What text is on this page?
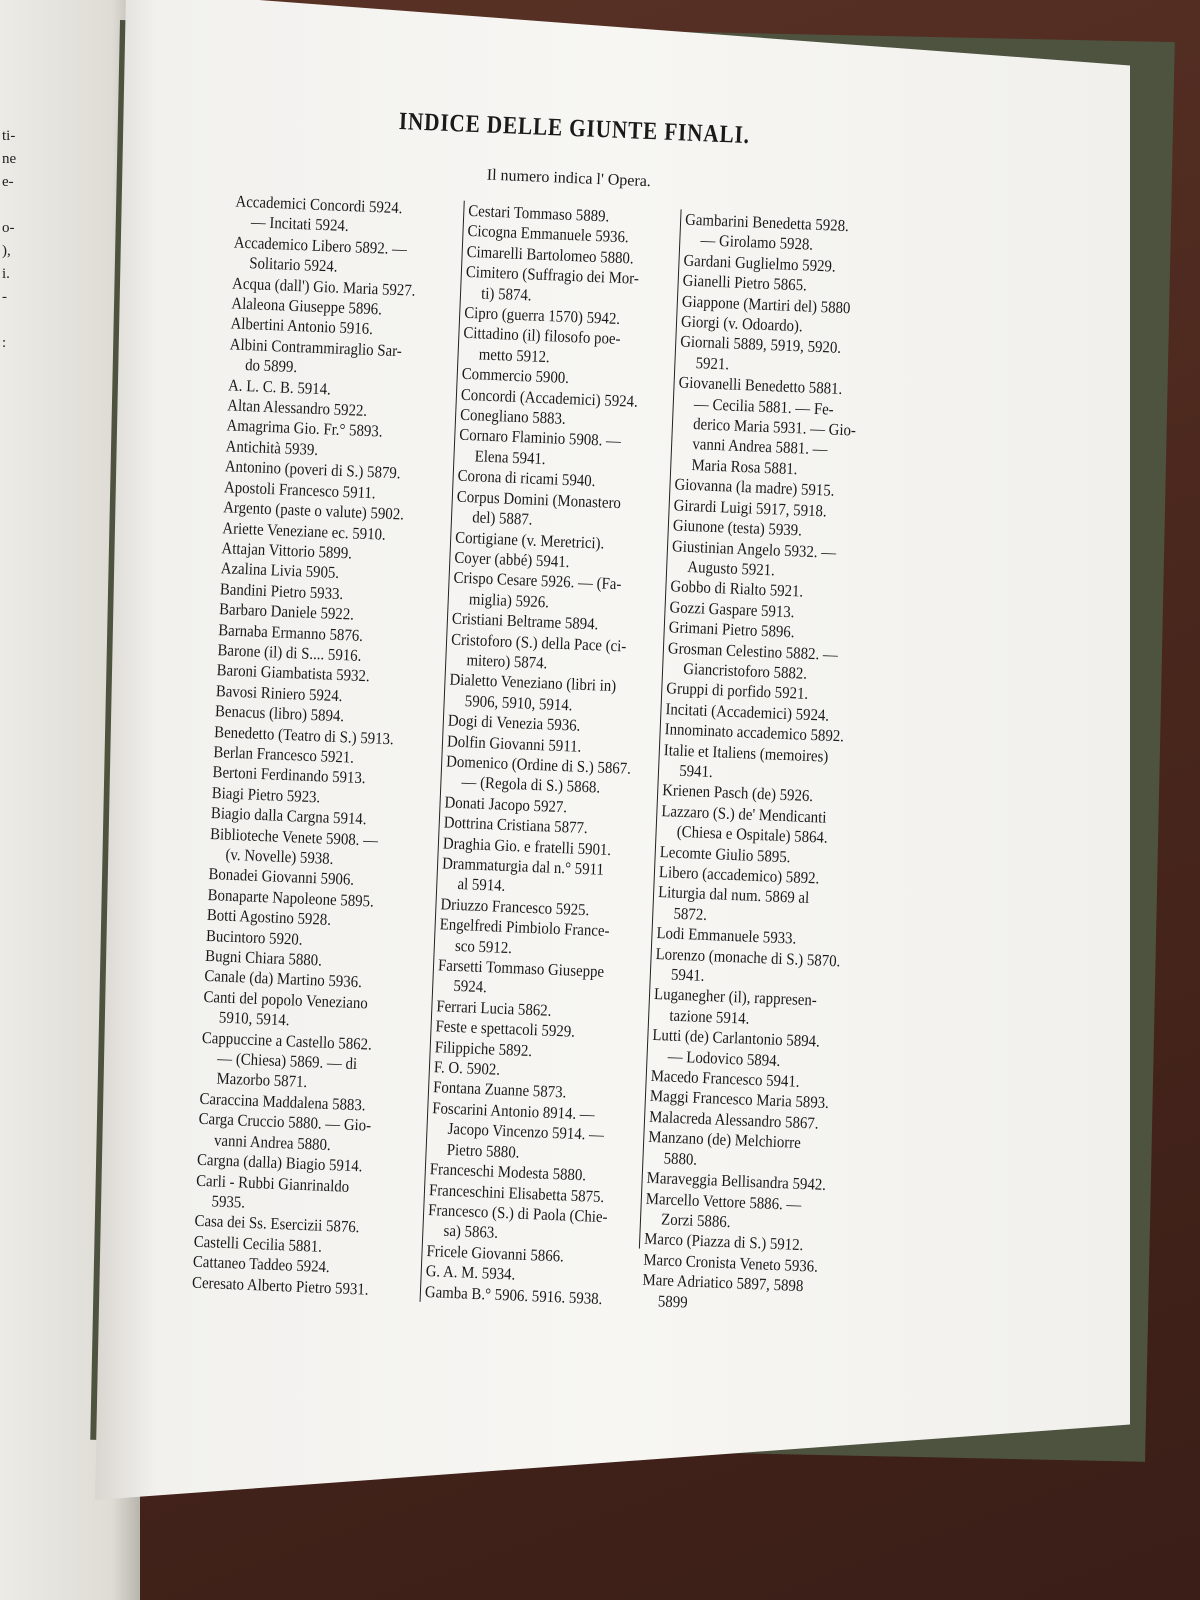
ti-
ne
e-

o-
),
i.
-

:
INDICE DELLE GIUNTE FINALI.
Il numero indica l' Opera.
Accademici Concordi 5924.
— Incitati 5924.
Accademico Libero 5892. —
Solitario 5924.
Acqua (dall') Gio. Maria 5927.
Alaleona Giuseppe 5896.
Albertini Antonio 5916.
Albini Contrammiraglio Sar-
do 5899.
A. L. C. B. 5914.
Altan Alessandro 5922.
Amagrima Gio. Fr.° 5893.
Antichità 5939.
Antonino (poveri di S.) 5879.
Apostoli Francesco 5911.
Argento (paste o valute) 5902.
Ariette Veneziane ec. 5910.
Attajan Vittorio 5899.
Azalina Livia 5905.
Bandini Pietro 5933.
Barbaro Daniele 5922.
Barnaba Ermanno 5876.
Barone (il) di S.... 5916.
Baroni Giambatista 5932.
Bavosi Riniero 5924.
Benacus (libro) 5894.
Benedetto (Teatro di S.) 5913.
Berlan Francesco 5921.
Bertoni Ferdinando 5913.
Biagi Pietro 5923.
Biagio dalla Cargna 5914.
Biblioteche Venete 5908. —
(v. Novelle) 5938.
Bonadei Giovanni 5906.
Bonaparte Napoleone 5895.
Botti Agostino 5928.
Bucintoro 5920.
Bugni Chiara 5880.
Canale (da) Martino 5936.
Canti del popolo Veneziano
5910, 5914.
Cappuccine a Castello 5862.
— (Chiesa) 5869. — di
Mazorbo 5871.
Caraccina Maddalena 5883.
Carga Cruccio 5880. — Gio-
vanni Andrea 5880.
Cargna (dalla) Biagio 5914.
Carli - Rubbi Gianrinaldo
5935.
Casa dei Ss. Esercizii 5876.
Castelli Cecilia 5881.
Cattaneo Taddeo 5924.
Ceresato Alberto Pietro 5931.
Cestari Tommaso 5889.
Cicogna Emmanuele 5936.
Cimarelli Bartolomeo 5880.
Cimitero (Suffragio dei Mor-
ti) 5874.
Cipro (guerra 1570) 5942.
Cittadino (il) filosofo poe-
metto 5912.
Commercio 5900.
Concordi (Accademici) 5924.
Conegliano 5883.
Cornaro Flaminio 5908. —
Elena 5941.
Corona di ricami 5940.
Corpus Domini (Monastero
del) 5887.
Cortigiane (v. Meretrici).
Coyer (abbé) 5941.
Crispo Cesare 5926. — (Fa-
miglia) 5926.
Cristiani Beltrame 5894.
Cristoforo (S.) della Pace (ci-
mitero) 5874.
Dialetto Veneziano (libri in)
5906, 5910, 5914.
Dogi di Venezia 5936.
Dolfin Giovanni 5911.
Domenico (Ordine di S.) 5867.
— (Regola di S.) 5868.
Donati Jacopo 5927.
Dottrina Cristiana 5877.
Draghia Gio. e fratelli 5901.
Drammaturgia dal n.° 5911
al 5914.
Driuzzo Francesco 5925.
Engelfredi Pimbiolo France-
sco 5912.
Farsetti Tommaso Giuseppe
5924.
Ferrari Lucia 5862.
Feste e spettacoli 5929.
Filippiche 5892.
F. O. 5902.
Fontana Zuanne 5873.
Foscarini Antonio 8914. —
Jacopo Vincenzo 5914. —
Pietro 5880.
Franceschi Modesta 5880.
Franceschini Elisabetta 5875.
Francesco (S.) di Paola (Chie-
sa) 5863.
Fricele Giovanni 5866.
G. A. M. 5934.
Gamba B.° 5906. 5916. 5938.
Gambarini Benedetta 5928.
— Girolamo 5928.
Gardani Guglielmo 5929.
Gianelli Pietro 5865.
Giappone (Martiri del) 5880
Giorgi (v. Odoardo).
Giornali 5889, 5919, 5920.
5921.
Giovanelli Benedetto 5881.
— Cecilia 5881. — Fe-
derico Maria 5931. — Gio-
vanni Andrea 5881. —
Maria Rosa 5881.
Giovanna (la madre) 5915.
Girardi Luigi 5917, 5918.
Giunone (testa) 5939.
Giustinian Angelo 5932. —
Augusto 5921.
Gobbo di Rialto 5921.
Gozzi Gaspare 5913.
Grimani Pietro 5896.
Grosman Celestino 5882. —
Giancristoforo 5882.
Gruppi di porfido 5921.
Incitati (Accademici) 5924.
Innominato accademico 5892.
Italie et Italiens (memoires)
5941.
Krienen Pasch (de) 5926.
Lazzaro (S.) de' Mendicanti
(Chiesa e Ospitale) 5864.
Lecomte Giulio 5895.
Libero (accademico) 5892.
Liturgia dal num. 5869 al
5872.
Lodi Emmanuele 5933.
Lorenzo (monache di S.) 5870.
5941.
Luganegher (il), rappresen-
tazione 5914.
Lutti (de) Carlantonio 5894.
— Lodovico 5894.
Macedo Francesco 5941.
Maggi Francesco Maria 5893.
Malacreda Alessandro 5867.
Manzano (de) Melchiorre
5880.
Maraveggia Bellisandra 5942.
Marcello Vettore 5886. —
Zorzi 5886.
Marco (Piazza di S.) 5912.
Marco Cronista Veneto 5936.
Mare Adriatico 5897, 5898
5899
